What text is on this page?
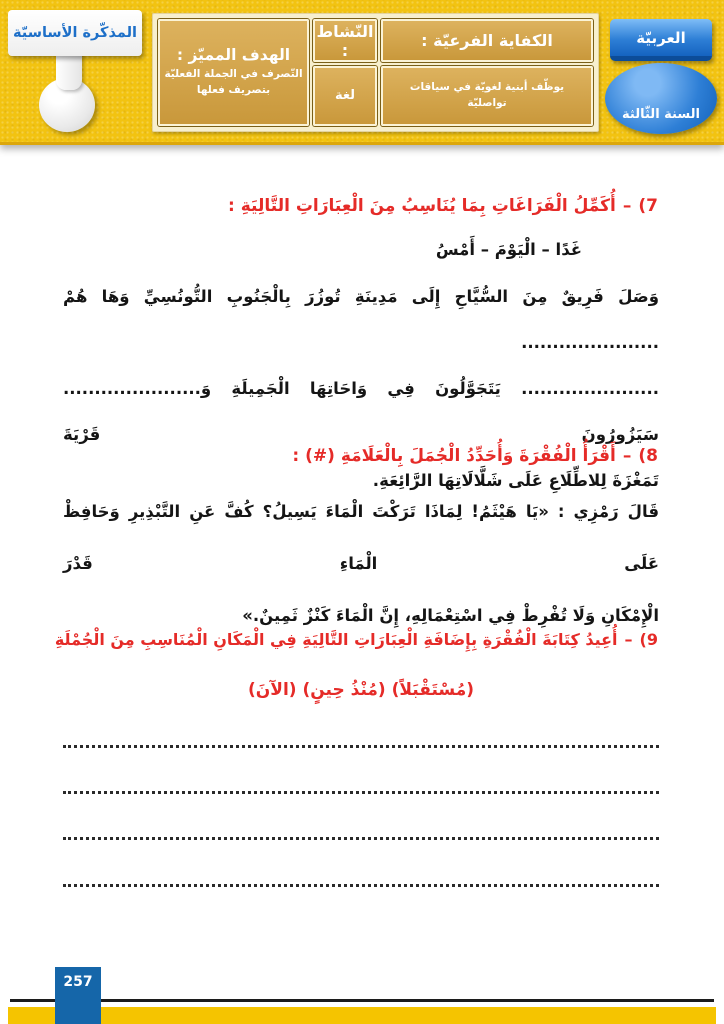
المذكّرة الأساسيّة	الكفاية الفرعيّة :
يوظّف أبنية لغويّة في سياقات تواصليّة
النّشاط :
لغة
الهدف المميّز :
التّصرف في الجملة الفعليّة
بتصريف فعلها
العربيّة
السنة الثّالثة
7)
–
أُكَمِّلُ الْفَرَاغَاتِ بِمَا يُنَاسِبُ مِنَ الْعِبَارَاتِ التَّالِيَةِ :
غَدًا – الْيَوْمَ – أَمْسُ
وَصَلَ فَرِيقٌ مِنَ السُّيَّاحِ إِلَى مَدِينَةِ تُوزُرَ بِالْجَنُوبِ التُّونُسِيِّ وَهَا هُمْ ......................
...................... يَتَجَوَّلُونَ فِي وَاحَاتِهَا الْجَمِيلَةِ وَ...................... سَيَزُورُونَ قَرْيَةَ
تَمَغْزَةَ لِلاطِّلَاعِ عَلَى شَلَّالَاتِهَا الرَّائِعَةِ.
8)
–
أَقْرَأُ الْفُقْرَةَ وَأُحَدِّدُ الْجُمَلَ بِالْعَلَامَةِ (#) :
قَالَ رَمْزِي : «يَا هَيْثَمُ! لِمَاذَا تَرَكْتَ الْمَاءَ يَسِيلُ؟ كُفَّ عَنِ التَّبْذِيرِ وَحَافِظْ عَلَى الْمَاءِ قَدْرَ
الْإِمْكَانِ وَلَا تُفْرِطْ فِي اسْتِعْمَالِهِ، إِنَّ الْمَاءَ كَنْزٌ ثَمِينٌ.»
9)
–
أُعِيدُ كِتَابَةَ الْفُقْرَةِ بِإِضَافَةِ الْعِبَارَاتِ التَّالِيَةِ فِي الْمَكَانِ الْمُنَاسِبِ مِنَ الْجُمْلَةِ
(مُسْتَقْبَلاً) (مُنْذُ حِينٍ) (الآنَ)
257
